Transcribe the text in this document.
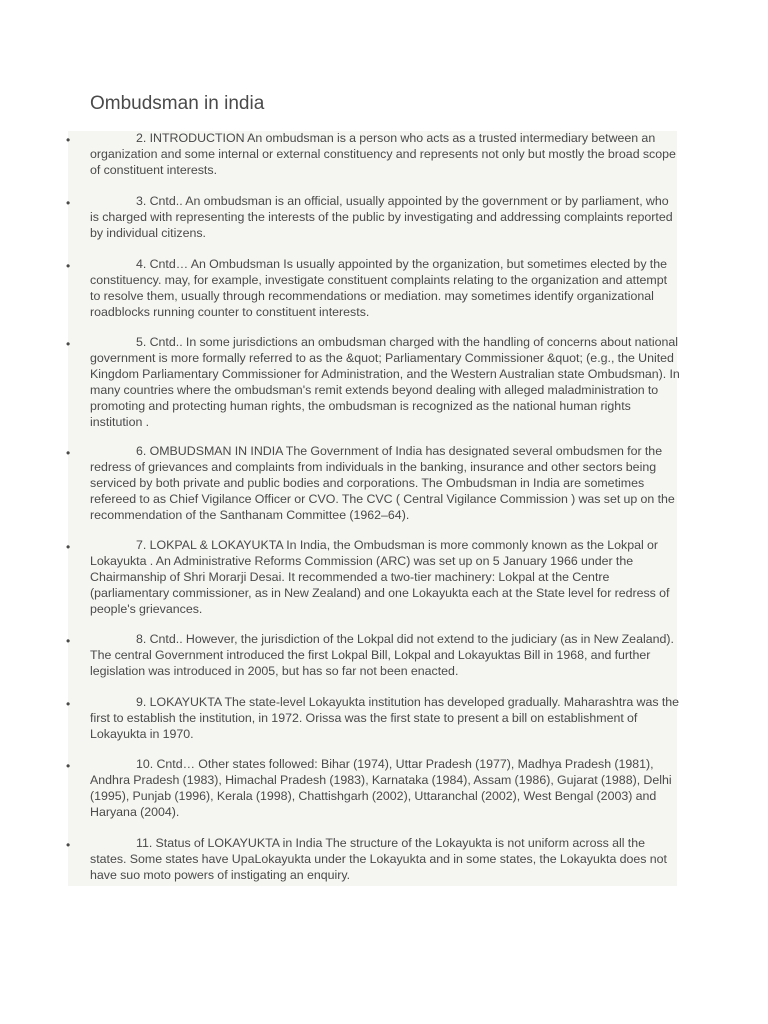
Ombudsman in india
•	2. INTRODUCTION An ombudsman is a person who acts as a trusted intermediary between an organization and some internal or external constituency and represents not only but mostly the broad scope of constituent interests.

•	3. Cntd.. An ombudsman is an official, usually appointed by the government or by parliament, who is charged with representing the interests of the public by investigating and addressing complaints reported by individual citizens.

•	4. Cntd… An Ombudsman Is usually appointed by the organization, but sometimes elected by the constituency. may, for example, investigate constituent complaints relating to the organization and attempt to resolve them, usually through recommendations or mediation. may sometimes identify organizational roadblocks running counter to constituent interests.

•	5. Cntd.. In some jurisdictions an ombudsman charged with the handling of concerns about national government is more formally referred to as the &quot; Parliamentary Commissioner &quot; (e.g., the United Kingdom Parliamentary Commissioner for Administration, and the Western Australian state Ombudsman). In many countries where the ombudsman's remit extends beyond dealing with alleged maladministration to promoting and protecting human rights, the ombudsman is recognized as the national human rights institution .

•	6. OMBUDSMAN IN INDIA The Government of India has designated several ombudsmen for the redress of grievances and complaints from individuals in the banking, insurance and other sectors being serviced by both private and public bodies and corporations. The Ombudsman in India are sometimes refereed to as Chief Vigilance Officer or CVO. The CVC ( Central Vigilance Commission ) was set up on the recommendation of the Santhanam Committee (1962–64).

•	7. LOKPAL & LOKAYUKTA In India, the Ombudsman is more commonly known as the Lokpal or Lokayukta . An Administrative Reforms Commission (ARC) was set up on 5 January 1966 under the Chairmanship of Shri Morarji Desai. It recommended a two-tier machinery: Lokpal at the Centre (parliamentary commissioner, as in New Zealand) and one Lokayukta each at the State level for redress of people's grievances.

•	8. Cntd.. However, the jurisdiction of the Lokpal did not extend to the judiciary (as in New Zealand). The central Government introduced the first Lokpal Bill, Lokpal and Lokayuktas Bill in 1968, and further legislation was introduced in 2005, but has so far not been enacted.

•	9. LOKAYUKTA The state-level Lokayukta institution has developed gradually. Maharashtra was the first to establish the institution, in 1972. Orissa was the first state to present a bill on establishment of Lokayukta in 1970.

•	10. Cntd… Other states followed: Bihar (1974), Uttar Pradesh (1977), Madhya Pradesh (1981), Andhra Pradesh (1983), Himachal Pradesh (1983), Karnataka (1984), Assam (1986), Gujarat (1988), Delhi (1995), Punjab (1996), Kerala (1998), Chattishgarh (2002), Uttaranchal (2002), West Bengal (2003) and Haryana (2004).

•	11. Status of LOKAYUKTA in India The structure of the Lokayukta is not uniform across all the states. Some states have UpaLokayukta under the Lokayukta and in some states, the Lokayukta does not have suo moto powers of instigating an enquiry.
